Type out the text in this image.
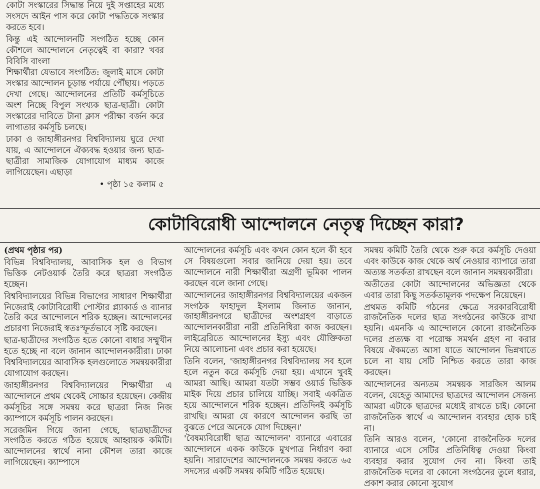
কোটা সংস্কারের সিদ্ধান্ত নিয়ে দুই সপ্তাহের মধ্যে সংসদে আইন পাস করে কোটা পদ্ধতিকে সংস্কার করতে হবে।

কিন্তু এই আন্দোলনটি সংগঠিত হচ্ছে কোন কৌশলে আন্দোলনে নেতৃত্বেই বা কারা? খবর বিবিসি বাংলা

শিক্ষার্থীরা যেভাবে সংগঠিত: জুলাই মাসে কোটা সংস্কার আন্দোলন চূড়ান্ত পর্যায়ে পৌঁছায়। পড়তে দেখা গেছে। আন্দোলনের প্রতিটি কর্মসূচিতে অংশ নিচ্ছে বিপুল সংখ্যক ছাত্র-ছাত্রী। কোটা সংস্কারের দাবিতে টানা ক্লাস পরীক্ষা বর্জন করে লাগাতার কর্মসূচি চলছে।

ঢাকা ও জাহাঙ্গীরনগর বিশ্ববিদ্যালয় ঘুরে দেখা যায়, এ আন্দোলনে ঐক্যবদ্ধ হওয়ার জন্য ছাত্র-ছাত্রীরা সামাজিক যোগাযোগ মাধ্যম কাজে লাগিয়েছেন। এছাড়া

• পৃষ্ঠা ১৫ কলাম ৫

কোটাবিরোধী আন্দোলনে নেতৃত্ব দিচ্ছেন কারা?

(প্রথম পৃষ্ঠার পর)

বিভিন্ন বিশ্ববিদ্যালয়, আবাসিক হল ও বিভাগ ভিত্তিক নেটওয়ার্ক তৈরি করে ছাত্ররা সংগঠিত হচ্ছেন।

বিশ্ববিদ্যালয়ের বিভিন্ন বিভাগের সাধারণ শিক্ষার্থীরা নিজেরাই কোটাবিরোধী পোস্টার প্ল্যাকার্ড ও ব্যানার তৈরি করে আন্দোলনে শরিক হচ্ছেন। আন্দোলনের প্রচারণা নিজেরাই স্বতঃস্ফূর্তভাবে সৃষ্টি করছেন।

ছাত্র-ছাত্রীদের সংগঠিত হতে কোনো বাধার সম্মুখীন হতে হচ্ছে না বলে জানান আন্দোলনকারীরা। ঢাকা বিশ্ববিদ্যালয়ের আবাসিক হলগুলোতে সমন্বয়কারীরা যোগাযোগ করছেন।

জাহাঙ্গীরনগর বিশ্ববিদ্যালয়ের শিক্ষার্থীরা এ আন্দোলনে প্রথম থেকেই সোচ্চার হয়েছেন। কেন্দ্রীয় কর্মসূচির সঙ্গে সমন্বয় করে ছাত্ররা নিজ নিজ ক্যাম্পাসে কর্মসূচি পালন করছেন।

সরেজমিন গিয়ে জানা গেছে, ছাত্রছাত্রীদের সংগঠিত করতে গঠিত হয়েছে আহ্বায়ক কমিটি। আন্দোলনের স্বার্থে নানা কৌশল তারা কাজে লাগিয়েছেন। ক্যাম্পাসে

আন্দোলনের কর্মসূচি এবং কখন কোন হলে কী হবে সে বিষয়গুলো সবার জানিয়ে দেয়া হয়। তবে আন্দোলনে নারী শিক্ষার্থীরা অগ্রণী ভূমিকা পালন করছেন বলে জানা গেছে।

আন্দোলনের জাহাঙ্গীরনগর বিশ্ববিদ্যালয়ের একজন সংগঠক ফাহাদুল ইসলাম জিনাত জানান, জাহাঙ্গীরনগরে ছাত্রীদের অংশগ্রহণ বাড়াতে আন্দোলনকারীরা নারী প্রতিনিধিরা কাজ করছেন। লাইব্রেরিতে আন্দোলনের ইস্যু এবং যৌক্তিকতা নিয়ে আলোচনা এবং প্রচার করা হয়েছে।

তিনি বলেন, 'জাহাঙ্গীরনগর বিশ্ববিদ্যালয় সব হলে হলে নতুন করে কর্মসূচি দেয়া হয়। এখানে খুবই আমরা আছি। আমরা যতটা সম্ভব ওয়ার্ড ভিত্তিক মাইক দিয়ে প্রচার চালিয়ে যাচ্ছি। সবাই একত্রিত হয়ে আন্দোলনে শরিক হচ্ছেন। প্রতিদিনই কর্মসূচি রাখছি। আমরা যে কারণে আন্দোলন করছি তা বুঝতে পেরে অনেকে যোগ দিচ্ছেন।'

'বৈষম্যবিরোধী ছাত্র আন্দোলন' ব্যানারে এবারের আন্দোলনে একক কাউকে মুখপাত্র নির্ধারণ করা হয়নি। সারাদেশের আন্দোলনকে সমন্বয় করতে ৬৫ সদস্যের একটি সমন্বয় কমিটি গঠিত হয়েছে।

সমন্বয় কমিটি তৈরি থেকে শুরু করে কর্মসূচি দেওয়া এবং কাউকে কাজ থেকে অর্থ নেওয়ার ব্যাপারে তারা অত্যন্ত সতর্কতা রাখছেন বলে জানান সমন্বয়কারীরা।

অতীতের কোটা আন্দোলনের অভিজ্ঞতা থেকে এবার তারা কিছু সতর্কতামূলক পদক্ষেপ নিয়েছেন।

প্রথমত কমিটি গঠনের ক্ষেত্রে সরকারবিরোধী রাজনৈতিক দলের ছাত্র সংগঠনের কাউকে রাখা হয়নি। এমনকি এ আন্দোলনে কোনো রাজনৈতিক দলের প্রত্যক্ষ বা পরোক্ষ সমর্থন গ্রহণ না করার বিষয়ে ঐকমত্যে আসা যাতে আন্দোলন ভিন্নখাতে চলে না যায় সেটি নিশ্চিত করতে তারা কাজ করছেন।

আন্দোলনের অন্যতম সমন্বয়ক সারজিস আলম বলেন, যেহেতু আমাদের ছাত্রদের আন্দোলন সেজন্য আমরা এটাকে ছাত্রদের মধ্যেই রাখতে চাই। কোনো রাজনৈতিক স্বার্থে এ আন্দোলন ব্যবহার হোক চাই না।

তিনি আরও বলেন, 'কোনো রাজনৈতিক দলের ব্যানারে এসে সেটির প্রতিনিধিত্ব দেওয়া কিংবা ব্যবহার করার সুযোগ দেব না। কিংবা তাই রাজনৈতিক দলের বা কোনো সংগঠনের তুলে ধরার, প্রকাশ করার কোনো সুযোগ
